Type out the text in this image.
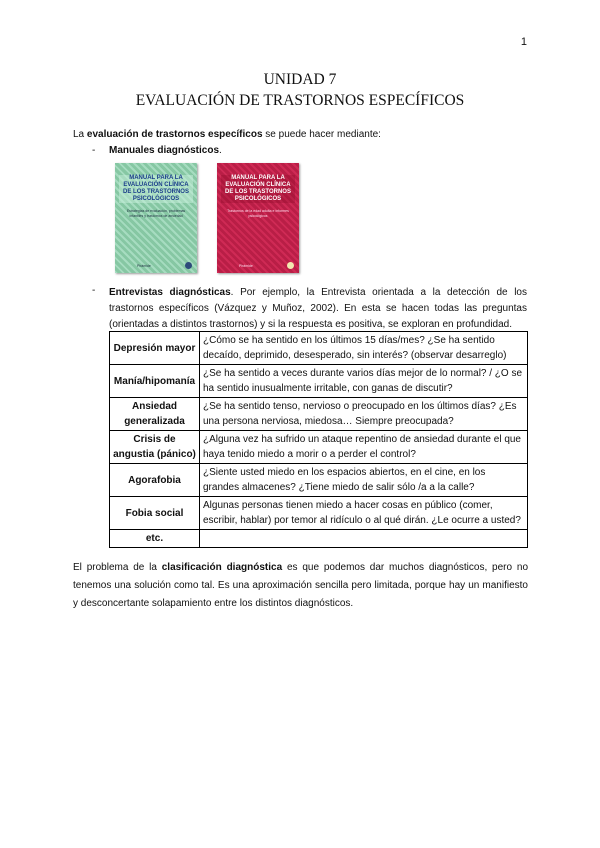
1
UNIDAD 7
EVALUACIÓN DE TRASTORNOS ESPECÍFICOS
La evaluación de trastornos específicos se puede hacer mediante:
- Manuales diagnósticos.
MANUAL PARA LA EVALUACIÓN CLÍNICA DE LOS TRASTORNOS PSICOLÓGICOS
Estrategias de evaluación, problemas infantiles y trastornos de ansiedad
Pirámide
MANUAL PARA LA EVALUACIÓN CLÍNICA DE LOS TRASTORNOS PSICOLÓGICOS
Trastornos de la edad adulta e informes psicológicos
Pirámide
- Entrevistas diagnósticas. Por ejemplo, la Entrevista orientada a la detección de los trastornos específicos (Vázquez y Muñoz, 2002). En esta se hacen todas las preguntas (orientadas a distintos trastornos) y si la respuesta es positiva, se exploran en profundidad.
Depresión mayor	¿Cómo se ha sentido en los últimos 15 días/mes? ¿Se ha sentido decaído, deprimido, desesperado, sin interés? (observar desarreglo)
Manía/hipomanía	¿Se ha sentido a veces durante varios días mejor de lo normal? / ¿O se ha sentido inusualmente irritable, con ganas de discutir?
Ansiedad generalizada	¿Se ha sentido tenso, nervioso o preocupado en los últimos días? ¿Es una persona nerviosa, miedosa… Siempre preocupada?
Crisis de angustia (pánico)	¿Alguna vez ha sufrido un ataque repentino de ansiedad durante el que haya tenido miedo a morir o a perder el control?
Agorafobia	¿Siente usted miedo en los espacios abiertos, en el cine, en los grandes almacenes? ¿Tiene miedo de salir sólo /a a la calle?
Fobia social	Algunas personas tienen miedo a hacer cosas en público (comer, escribir, hablar) por temor al ridículo o al qué dirán. ¿Le ocurre a usted?
etc.	
El problema de la clasificación diagnóstica es que podemos dar muchos diagnósticos, pero no tenemos una solución como tal. Es una aproximación sencilla pero limitada, porque hay un manifiesto y desconcertante solapamiento entre los distintos diagnósticos.
